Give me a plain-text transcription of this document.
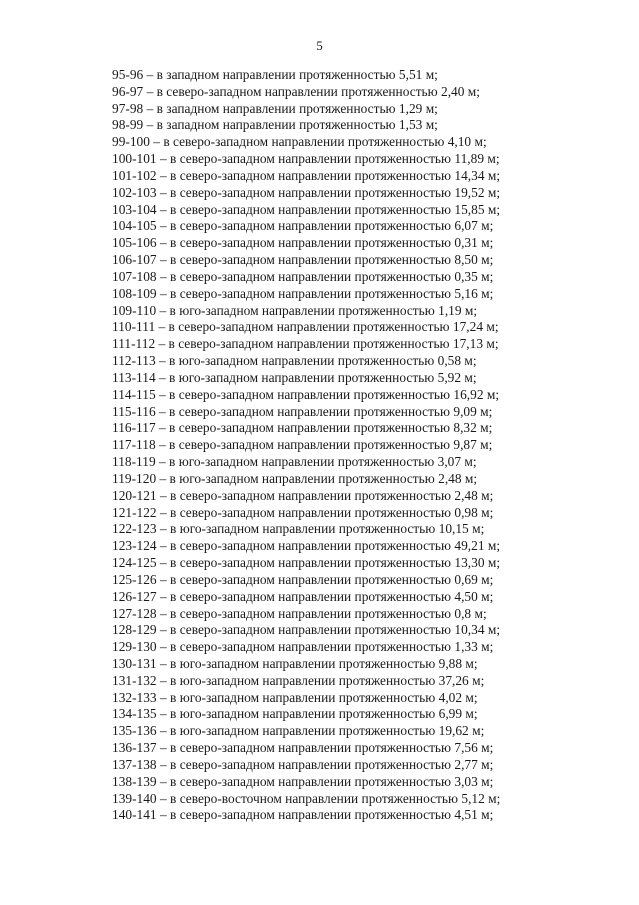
5
95-96 – в западном направлении протяженностью 5,51 м;
96-97 – в северо-западном направлении протяженностью 2,40 м;
97-98 – в западном направлении протяженностью 1,29 м;
98-99 – в западном направлении протяженностью 1,53 м;
99-100 – в северо-западном направлении протяженностью 4,10 м;
100-101 – в северо-западном направлении протяженностью 11,89 м;
101-102 – в северо-западном направлении протяженностью 14,34 м;
102-103 – в северо-западном направлении протяженностью 19,52 м;
103-104 – в северо-западном направлении протяженностью 15,85 м;
104-105 – в северо-западном направлении протяженностью 6,07 м;
105-106 – в северо-западном направлении протяженностью 0,31 м;
106-107 – в северо-западном направлении протяженностью 8,50 м;
107-108 – в северо-западном направлении протяженностью 0,35 м;
108-109 – в северо-западном направлении протяженностью 5,16 м;
109-110 – в юго-западном направлении протяженностью 1,19 м;
110-111 – в северо-западном направлении протяженностью 17,24 м;
111-112 – в северо-западном направлении протяженностью 17,13 м;
112-113 – в юго-западном направлении протяженностью 0,58 м;
113-114 – в юго-западном направлении протяженностью 5,92 м;
114-115 – в северо-западном направлении протяженностью 16,92 м;
115-116 – в северо-западном направлении протяженностью 9,09 м;
116-117 – в северо-западном направлении протяженностью 8,32 м;
117-118 – в северо-западном направлении протяженностью 9,87 м;
118-119 – в юго-западном направлении протяженностью 3,07 м;
119-120 – в юго-западном направлении протяженностью 2,48 м;
120-121 – в северо-западном направлении протяженностью 2,48 м;
121-122 – в северо-западном направлении протяженностью 0,98 м;
122-123 – в юго-западном направлении протяженностью 10,15 м;
123-124 – в северо-западном направлении протяженностью 49,21 м;
124-125 – в северо-западном направлении протяженностью 13,30 м;
125-126 – в северо-западном направлении протяженностью 0,69 м;
126-127 – в северо-западном направлении протяженностью 4,50 м;
127-128 – в северо-западном направлении протяженностью 0,8 м;
128-129 – в северо-западном направлении протяженностью 10,34 м;
129-130 – в северо-западном направлении протяженностью 1,33 м;
130-131 – в юго-западном направлении протяженностью 9,88 м;
131-132 – в юго-западном направлении протяженностью 37,26 м;
132-133 – в юго-западном направлении протяженностью 4,02 м;
134-135 – в юго-западном направлении протяженностью 6,99 м;
135-136 – в юго-западном направлении протяженностью 19,62 м;
136-137 – в северо-западном направлении протяженностью 7,56 м;
137-138 – в северо-западном направлении протяженностью 2,77 м;
138-139 – в северо-западном направлении протяженностью 3,03 м;
139-140 – в северо-восточном направлении протяженностью 5,12 м;
140-141 – в северо-западном направлении протяженностью 4,51 м;
